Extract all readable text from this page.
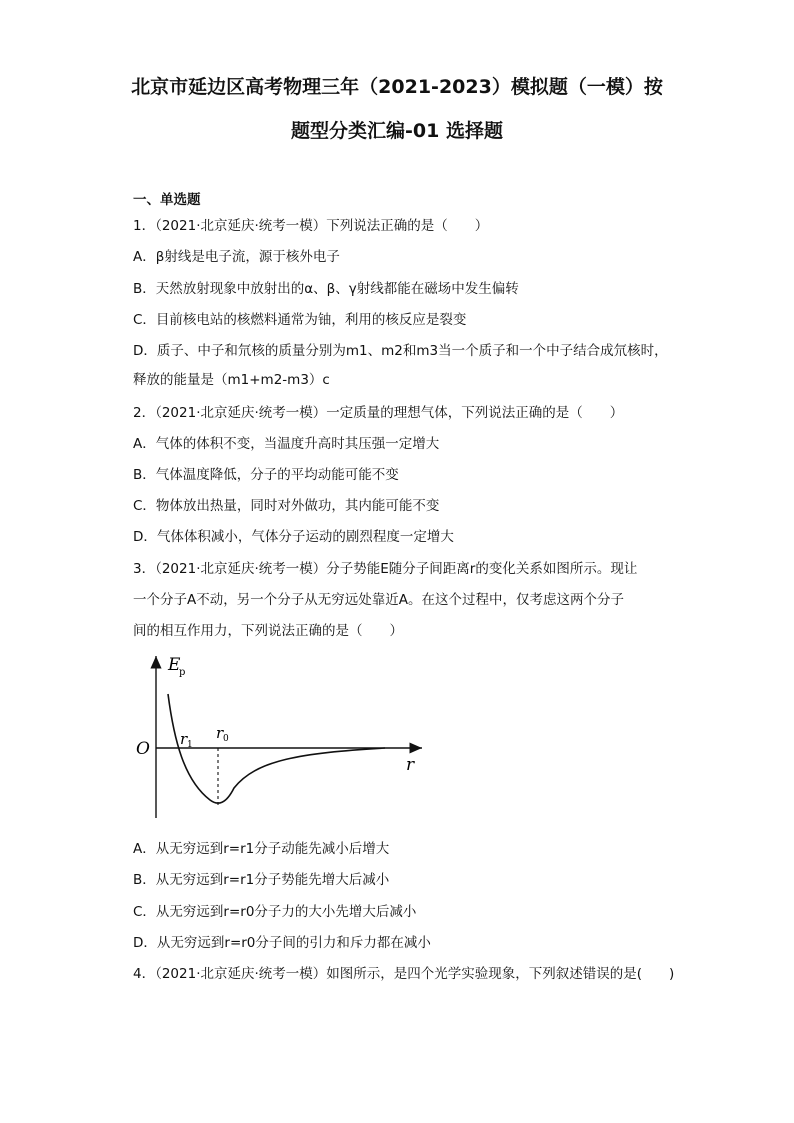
北京市延边区高考物理三年（2021-2023）模拟题（一模）按
题型分类汇编-01 选择题
一、单选题
1．（2021·北京延庆·统考一模）下列说法正确的是（　　）
A．β射线是电子流，源于核外电子
B．天然放射现象中放射出的α、β、γ射线都能在磁场中发生偏转
C．目前核电站的核燃料通常为铀，利用的核反应是裂变
D．质子、中子和氘核的质量分别为m1、m2和m3当一个质子和一个中子结合成氘核时，
释放的能量是（m1+m2-m3）c
2．（2021·北京延庆·统考一模）一定质量的理想气体，下列说法正确的是（　　）
A．气体的体积不变，当温度升高时其压强一定增大
B．气体温度降低，分子的平均动能可能不变
C．物体放出热量，同时对外做功，其内能可能不变
D．气体体积减小，气体分子运动的剧烈程度一定增大
3．（2021·北京延庆·统考一模）分子势能E随分子间距离r的变化关系如图所示。现让
一个分子A不动，另一个分子从无穷远处靠近A。在这个过程中，仅考虑这两个分子
间的相互作用力，下列说法正确的是（　　）
E
p
O
r
r 1
r 0
A．从无穷远到r=r1分子动能先减小后增大
B．从无穷远到r=r1分子势能先增大后减小
C．从无穷远到r=r0分子力的大小先增大后减小
D．从无穷远到r=r0分子间的引力和斥力都在减小
4．（2021·北京延庆·统考一模）如图所示，是四个光学实验现象，下列叙述错误的是(　　)
